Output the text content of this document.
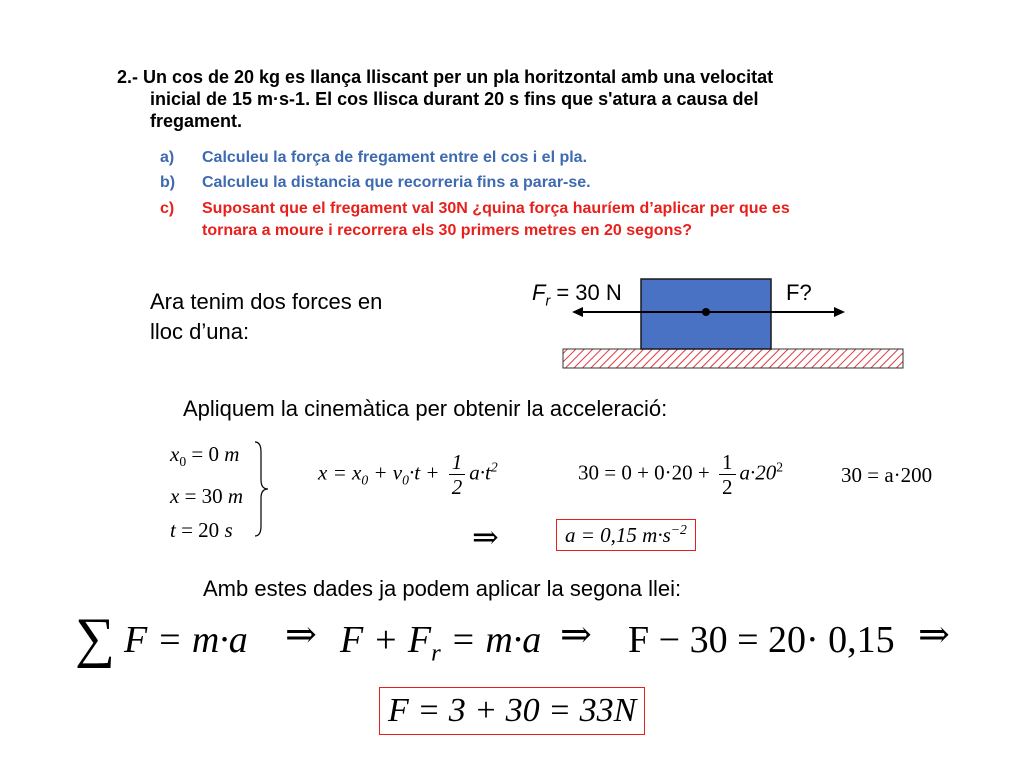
2.- Un cos de 20 kg es llança lliscant per un pla horitzontal amb una velocitat
inicial de 15 m·s-1. El cos llisca durant 20 s fins que s'atura a causa del
fregament.
a) Calculeu la força de fregament entre el cos i el pla.
b) Calculeu la distancia que recorreria fins a parar-se.
c) Suposant que el fregament val 30N ¿quina força hauríem d’aplicar per que es
tornara a moure i recorrera els 30 primers metres en 20 segons?
Ara tenim dos forces en
lloc d’una:
$F_r = 30$ N	F?
Apliquem la cinemàtica per obtenir la acceleració:
$x_0 = 0$ m
x = 30 m
t = 20 s
$x = x_0 + v_0\cdot t + \frac{1}{2} a\cdot t^2$	$30 = 0 + 0\cdot 20 + \frac{1}{2} a\cdot 20^2$	30 = a·200
⇒	a = 0,15 $m\cdot s^{-2}$
Amb estes dades ja podem aplicar la segona llei:
∑ F = m·a ⇒ $F + F_r = m\cdot a$ ⇒ F − 30 = 20· 0,15 ⇒
F = 3 + 30 = 33N
